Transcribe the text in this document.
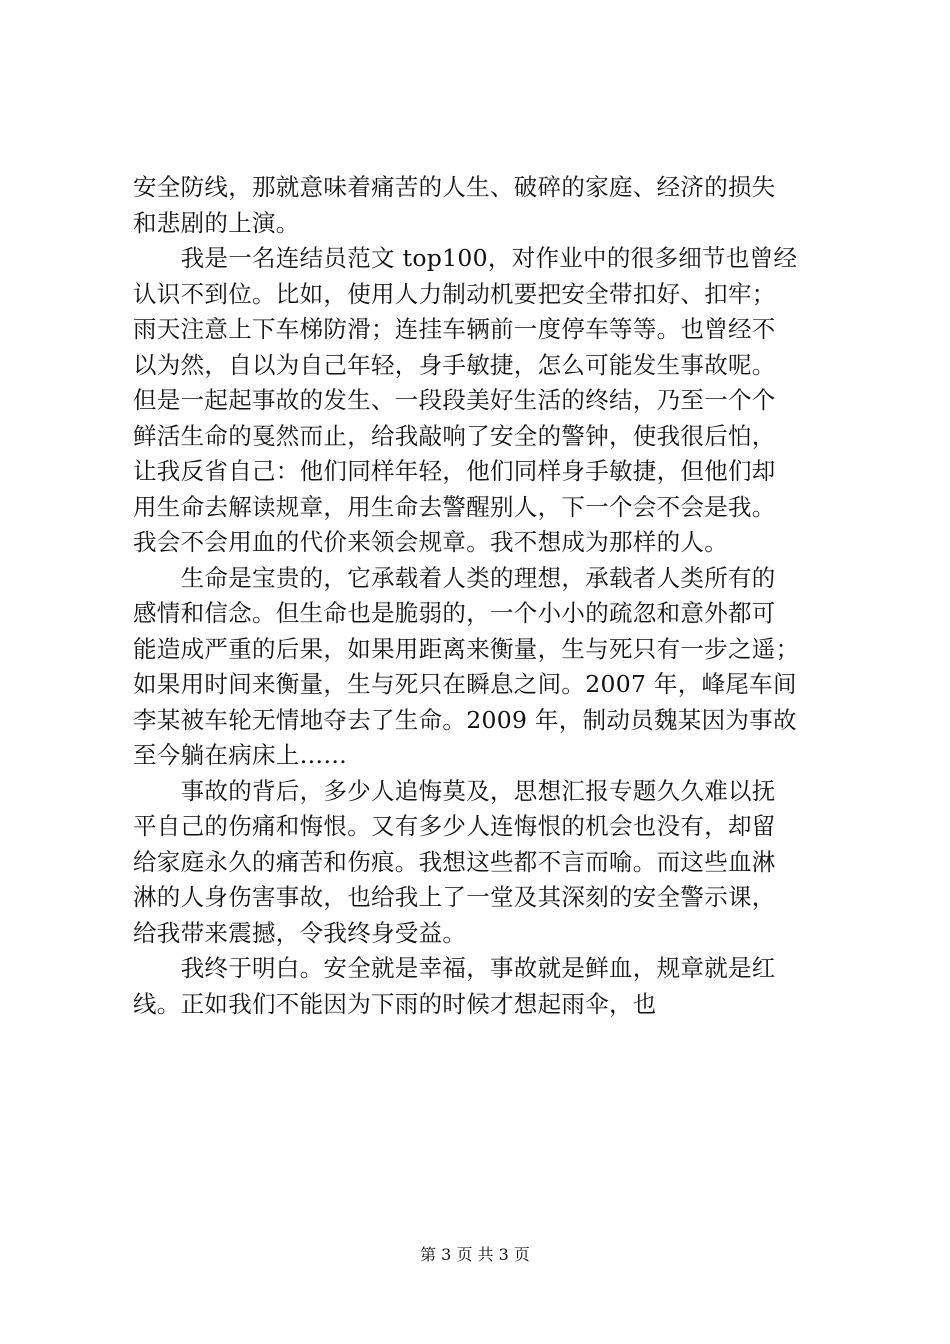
安全防线，那就意味着痛苦的人生、破碎的家庭、经济的损失
和悲剧的上演。
　　我是一名连结员范文 top100，对作业中的很多细节也曾经
认识不到位。比如，使用人力制动机要把安全带扣好、扣牢；
雨天注意上下车梯防滑；连挂车辆前一度停车等等。也曾经不
以为然，自以为自己年轻，身手敏捷，怎么可能发生事故呢。
但是一起起事故的发生、一段段美好生活的终结，乃至一个个
鲜活生命的戛然而止，给我敲响了安全的警钟，使我很后怕，
让我反省自己：他们同样年轻，他们同样身手敏捷，但他们却
用生命去解读规章，用生命去警醒别人，下一个会不会是我。
我会不会用血的代价来领会规章。我不想成为那样的人。
　　生命是宝贵的，它承载着人类的理想，承载者人类所有的
感情和信念。但生命也是脆弱的，一个小小的疏忽和意外都可
能造成严重的后果，如果用距离来衡量，生与死只有一步之遥；
如果用时间来衡量，生与死只在瞬息之间。2007 年，峰尾车间
李某被车轮无情地夺去了生命。2009 年，制动员魏某因为事故
至今躺在病床上……
　　事故的背后，多少人追悔莫及，思想汇报专题久久难以抚
平自己的伤痛和悔恨。又有多少人连悔恨的机会也没有，却留
给家庭永久的痛苦和伤痕。我想这些都不言而喻。而这些血淋
淋的人身伤害事故，也给我上了一堂及其深刻的安全警示课，
给我带来震撼，令我终身受益。
　　我终于明白。安全就是幸福，事故就是鲜血，规章就是红
线。正如我们不能因为下雨的时候才想起雨伞，也
第 3 页 共 3 页
